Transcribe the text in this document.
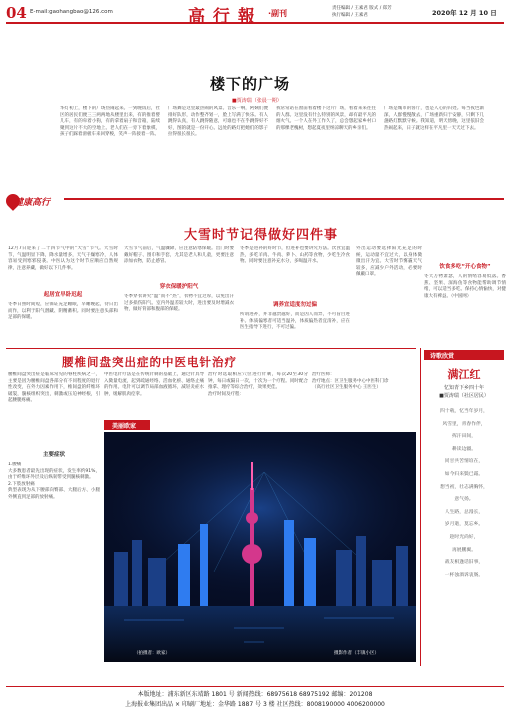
04 E-mail:gaohangbao@126.com	高 行 報 ·副刊
责任编辑 / 王素君 版式 / 郑芳
执行编辑 / 王素君	2020年 12 月 10 日
楼下的广场
■贾涛瑞（张晨一期）
华灯初上，楼下的广场热闹起来。一到晚饭后，社区的居民们便三三两两地从楼里出来，有的推着婴儿车，有的牵着小狗，有的拿着扇子和音箱，陆续聚到这片不大的空地上。老人们在一旁下着象棋，孩子们踩着滑板车来回穿梭，笑声一阵接着一阵。
广场舞是这里最热闹的风景。音乐一响，阿姨们便排好队形，动作整齐划一，脸上写满了快乐。有人跳得认真，有人跳得随意，可谁也不在乎跳得好不好，图的就是一份开心。远处的路灯把她们的影子拉得很长很长。
我常常站在窗前看着楼下这片广场，看着来来往往的人群。这里没有什么特别的风景，却有最平凡的烟火气。一个人在外工作久了，总会想起家乡村口的那棵老槐树，想起夏夜里纳凉聊天的乡亲们。
广场是城市的客厅，也是人心的归处。每当夜色渐深，人群慢慢散去，广场重新归于安静，只剩下几盏路灯默默守候。我知道，明天傍晚，这里依旧会热闹起来，日子就这样在平凡里一天天过下去。
健康高行
大雪时节记得做好四件事
12月7日迎来了二十四节气中的“大雪”节气。大雪时节，气温明显下降，降水量增多，天气干燥寒冷，人体容易受到寒邪侵袭。中医认为这个时节应顺应自然规律，注意养藏，做好以下几件事。
起居宜早卧迟起
冬季日照时间短，应保证充足睡眠，早睡晚起，待日出而作，以利于阳气潜藏、阴精蓄积。同时要注意头部和足部的保暖。
大雪节气前后，气温骤降，应注意防寒保暖。出门时要戴好帽子、围巾和手套，尤其是老人和儿童，更要注意添加衣物，防止感冒。
穿衣保暖护阳气
冬季穿衣讲究“温”而不“热”，衣物不宜过厚，以免出汗过多损伤阳气。室内外温差较大时，进出要及时增减衣物，做好背部和腹部的保暖。
冬季是进补的好时节，但进补也要讲究方法。饮食宜温热，多吃羊肉、牛肉、萝卜、山药等食物，少吃生冷食物。同时要注意补充水分，多喝温开水。
调养宜适度勿过偏
所谓进补，并非越贵越好，而是因人而异，不可盲目进补。体质偏寒者可适当温补，体质偏热者宜清补，应在医生指导下进行，不可过偏。
外出运动要选择阳光充足的时候，运动量不宜过大，以身体微微出汗为宜。大雪时节雾霾天气较多，应减少户外活动，必要时佩戴口罩。
饮食多吃“开心食物”
冬天万物萧瑟，人的情绪容易低落。香蕉、坚果、深海鱼等食物能帮助调节情绪，可以适当多吃。保持心情愉快，对健康大有裨益。（中国网）
腰椎间盘突出症的中医电针治疗
腰椎间盘突出症是临床常见的脊柱疾病之一，主要是因为腰椎间盘各部分有不同程度的退行性改变，在外力因素作用下，椎间盘的纤维环破裂，髓核组织突出，刺激或压迫神经根，引起腰腿疼痛。
主要症状
1.腰痛
大多数患者最先出现的症状，发生率约91%，由于纤维环外层及后纵韧带受到髓核刺激。
2.下肢放射痛
典型表现为从下腰部向臀部、大腿后方、小腿外侧直到足部的放射痛。
中医电针疗法是在传统针刺的基础上，通过针具导入微量电流，起到疏通经络、活血化瘀、通络止痛的作用。电针可以调节局部血液循环，减轻炎症水肿，缓解肌肉痉挛。
治疗时选取相应穴位进行针刺，每次20至30分钟，每日或隔日一次，十次为一个疗程。同时配合推拿、理疗等综合治疗，效果更佳。
治疗时间及疗程：
治疗医师：
治疗地点：区卫生服务中心中医科门诊
（高行社区卫生服务中心 王医生）
美丽欧家
（拍摄者：欧家）	摄影作者（丰镇小区）
诗歌欣赏
满江红
忆知青下乡四十年
■贾涛瑞（社区居民）
四十载，忆当年岁月，
风雪里，青春作伴，
挥汗田间，
耕读边疆。
同甘共苦情谊在，
如今归来鬓已霜。
想当初，壮志满胸怀，
意气扬。
人生路，总漫长，
岁月逝，莫忘乡。
趁时光尚好，
再展鹏翼。
战友相逢话旧事，
一杯浊酒诉衷肠。
本版地址：浦东新区东靖路 1801 号 新闻热线：68975618 68975192 邮编：201208
上海报业集团出品 × 印刷厂地址：金华路 1887 号 3 楼 社区热线：8008190000 4006200000
